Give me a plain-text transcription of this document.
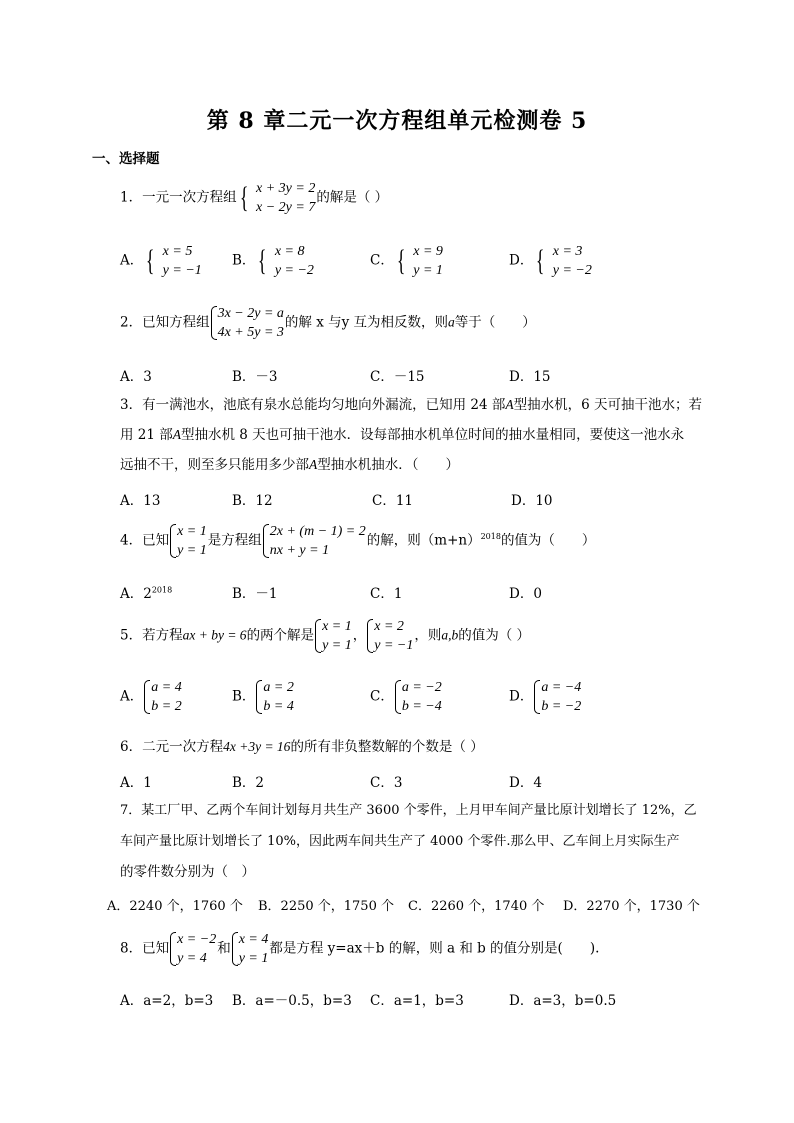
第 8 章二元一次方程组单元检测卷 5
一、选择题
1．一元一次方程组{ x + 3y = 2
x − 2y = 7
的解是（ ）
A．{ x = 5
y = −1
B．{ x = 8
y = −2
C．{ x = 9
y = 1
D．{ x = 3
y = −2
2．已知方程组
3x − 2y = a
4x + 5y = 3
的解 x 与y 互为相反数，则a等于（　　）
A．3	B．－3	C．－15	D．15
3．有一满池水，池底有泉水总能均匀地向外漏流，已知用 24 部A型抽水机，6 天可抽干池水；若
用 21 部A型抽水机 8 天也可抽干池水．设每部抽水机单位时间的抽水量相同，要使这一池水永
远抽不干，则至多只能用多少部A型抽水机抽水．（　　）
A．13	B．12	C．11	D．10
4．已知
x = 1
y = 1
是方程组
2x + (m − 1) = 2
nx + y = 1
的解，则$(m+n)^{2018}$的值为（　　）
A．$2^{2018}$	B．－1	C．1	D．0
5．若方程ax + by = 6的两个解是
x = 1
y = 1
，
x = 2
y = −1
，则a,b的值为（ ）
A．
a = 4
b = 2
B．
a = 2
b = 4
C．
a = −2
b = −4
D．
a = −4
b = −2
6．二元一次方程4x +3y = 16的所有非负整数解的个数是（ ）
A．1	B．2	C．3	D．4
7．某工厂甲、乙两个车间计划每月共生产 3600 个零件，上月甲车间产量比原计划增长了 12%，乙
车间产量比原计划增长了 10%，因此两车间共生产了 4000 个零件.那么甲、乙车间上月实际生产
的零件数分别为（　）
A．2240 个，1760 个 B．2250 个，1750 个 C．2260 个，1740 个 D．2270 个，1730 个
8．已知
x = −2
y = 4
和
x = 4
y = 1
都是方程 y=ax＋b 的解，则 a 和 b 的值分别是(　　).
A．a=2，b=3 B．a=－0.5，b=3 C．a=1，b=3	D．a=3，b=0.5
